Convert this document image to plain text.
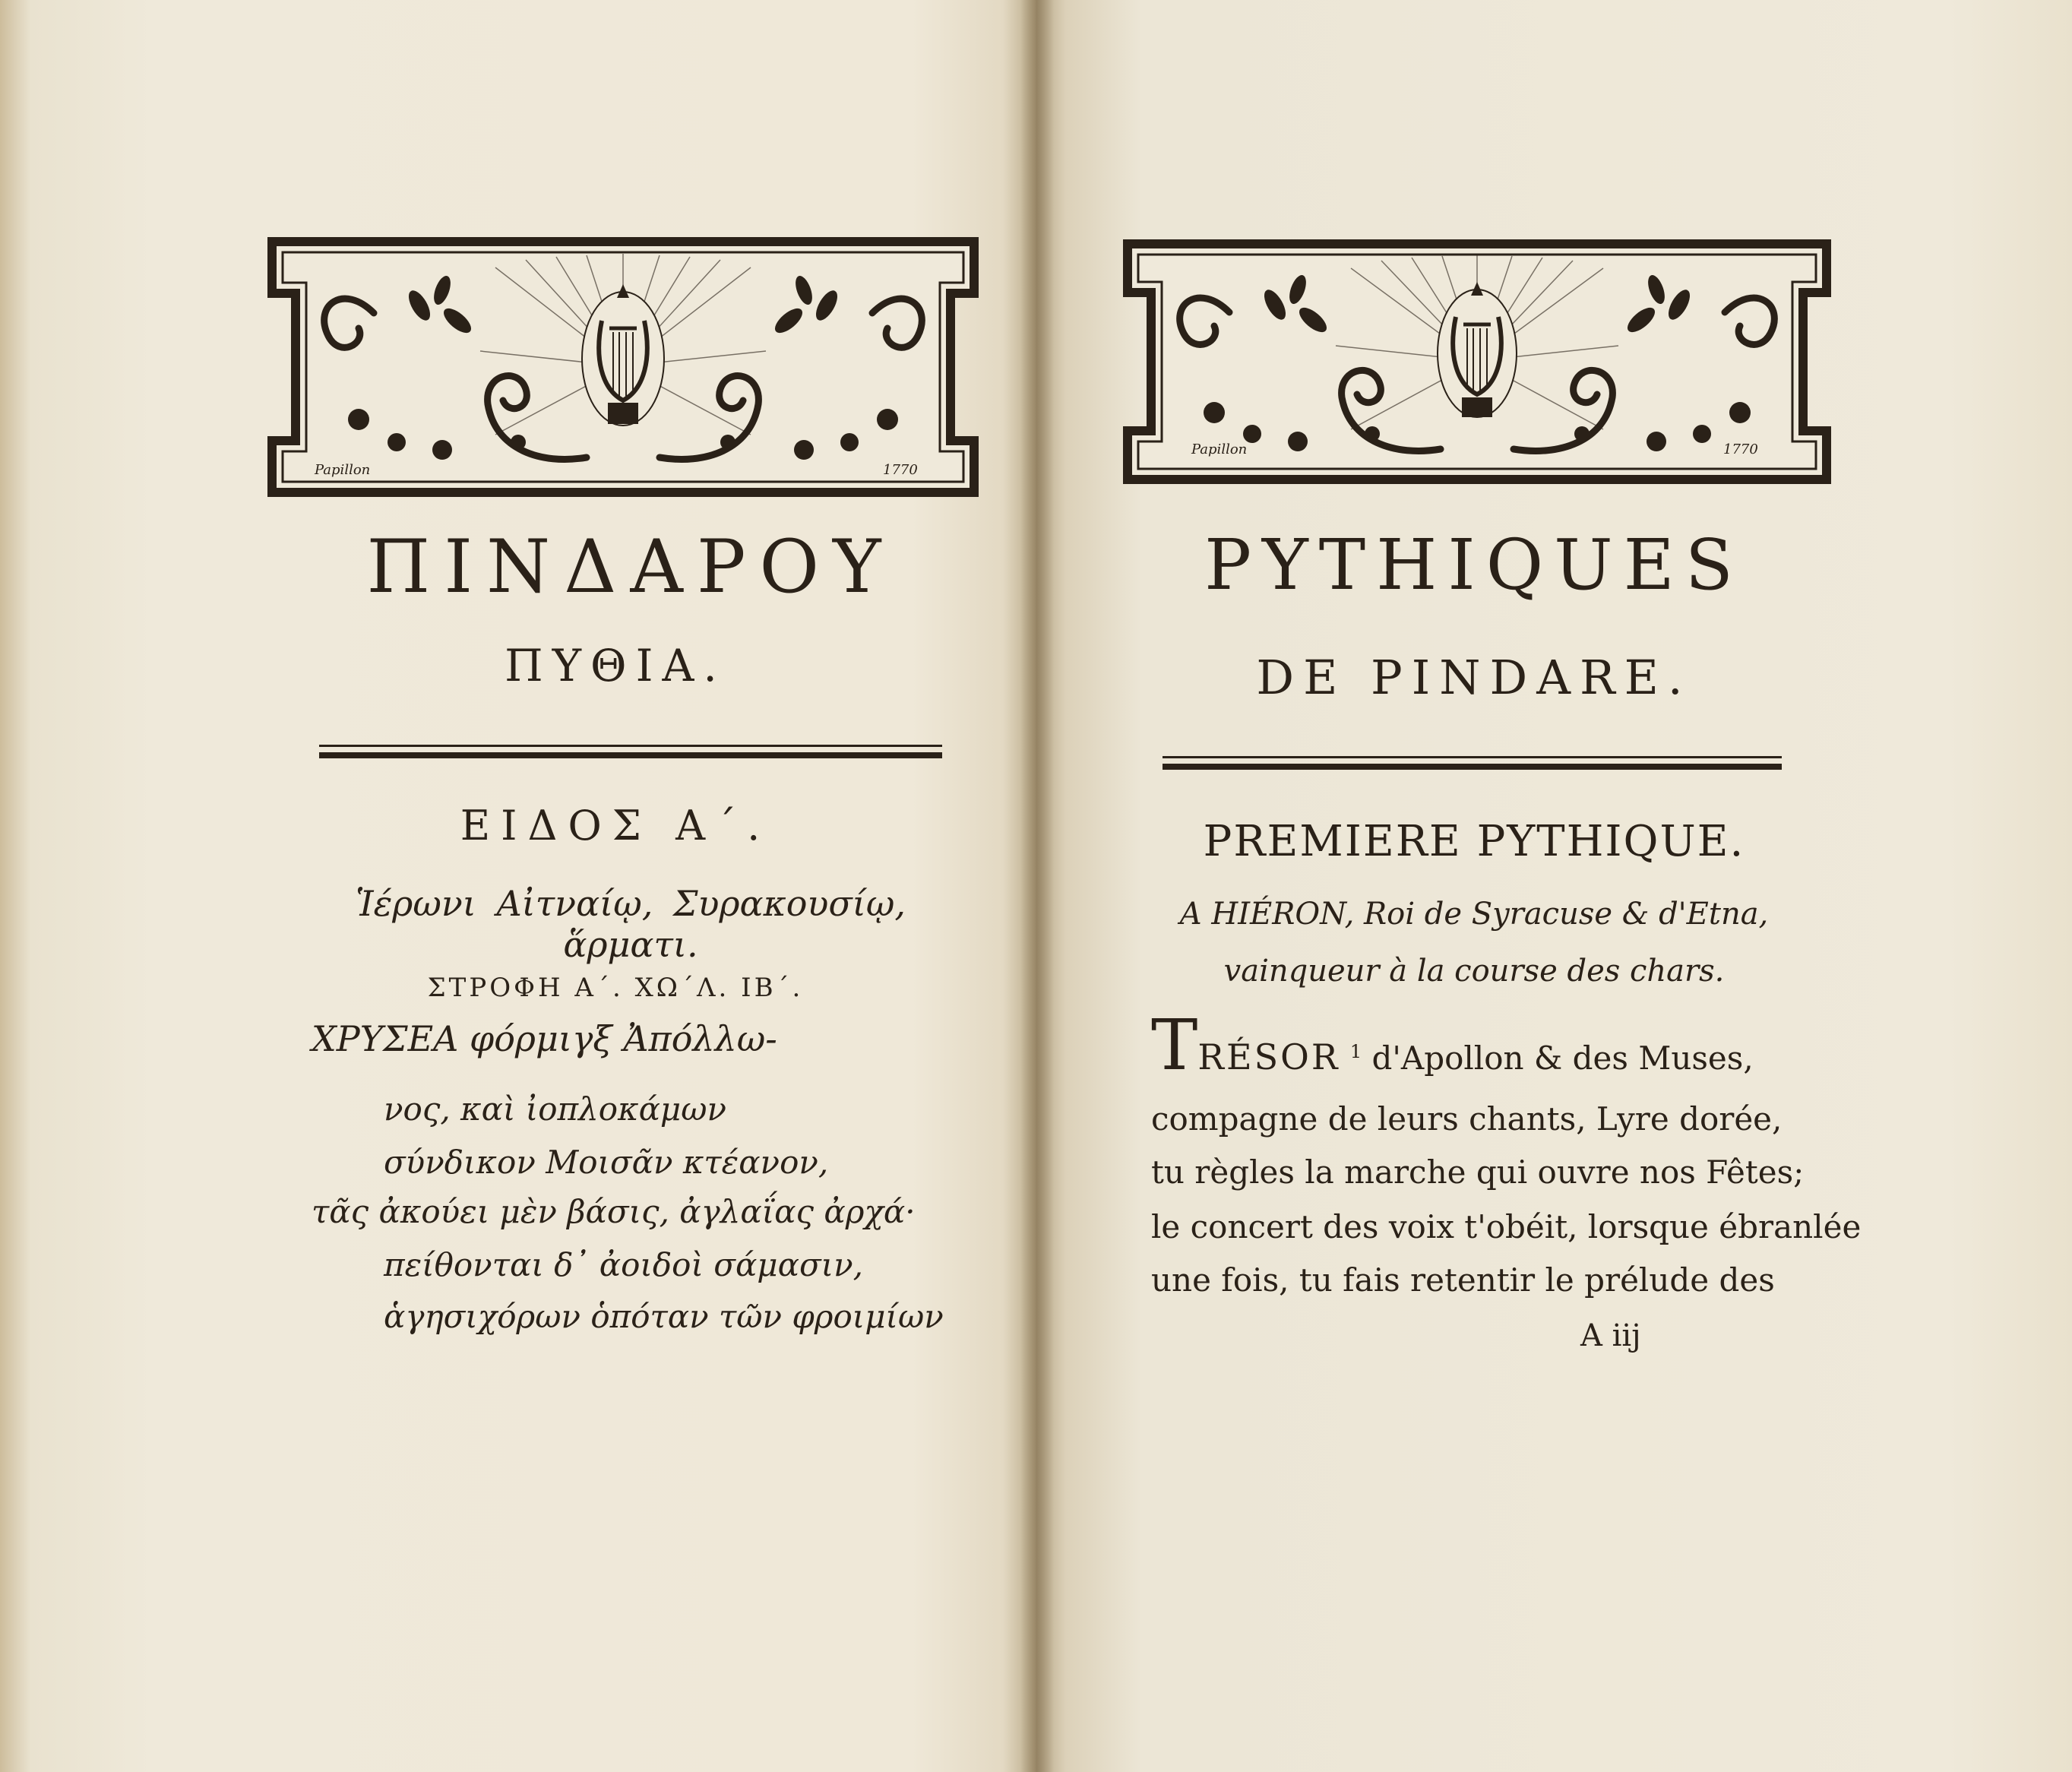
Papillon	1770
ΠΙΝΔΑΡΟΥ
ΠΥΘΙΑ.
ΕΙΔΟΣ Α΄.
Ἱέρωνι Αἰτναίῳ, Συρακουσίῳ, ἅρματι.
ΣΤΡΟΦΗ Α΄. ΧΩ΄Λ. ΙΒ΄.
ΧΡΥΣΕΑ φόρμιγξ Ἀπόλλω-
νος, καὶ ἰοπλοκάμων
σύνδικον Μοισᾶν κτέανον,
τᾶς ἀκούει μὲν βάσις, ἀγλαΐας ἀρχά·
πείθονται δ᾽ ἀοιδοὶ σάμασιν,
ἁγησιχόρων ὁπόταν τῶν φροιμίων
Papillon	1770
PYTHIQUES
DE PINDARE.
PREMIERE PYTHIQUE.
A HIÉRON, Roi de Syracuse & d'Etna,
vainqueur à la course des chars.
TRÉSOR $^1$ d'Apollon & des Muses,
compagne de leurs chants, Lyre dorée,
tu règles la marche qui ouvre nos Fêtes;
le concert des voix t'obéit, lorsque ébranlée
une fois, tu fais retentir le prélude des
A iij
